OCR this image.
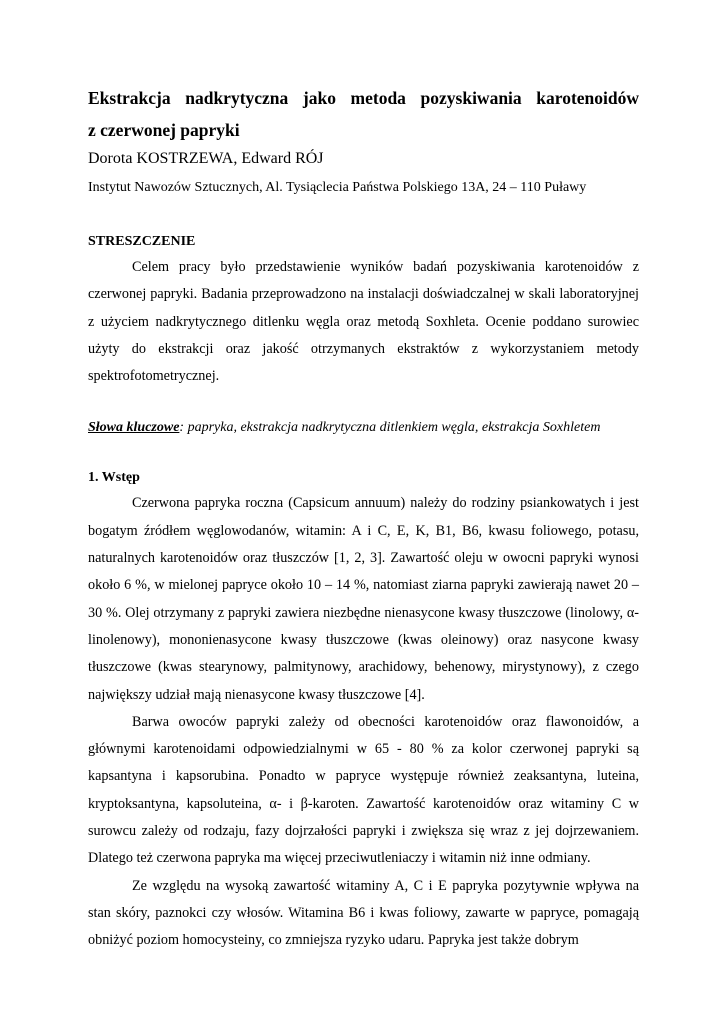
Ekstrakcja nadkrytyczna jako metoda pozyskiwania karotenoidów
z czerwonej papryki

Dorota KOSTRZEWA, Edward RÓJ

Instytut Nawozów Sztucznych, Al. Tysiąclecia Państwa Polskiego 13A, 24 – 110 Puławy

STRESZCZENIE

Celem pracy było przedstawienie wyników badań pozyskiwania karotenoidów z czerwonej papryki. Badania przeprowadzono na instalacji doświadczalnej w skali laboratoryjnej z użyciem nadkrytycznego ditlenku węgla oraz metodą Soxhleta. Ocenie poddano surowiec użyty do ekstrakcji oraz jakość otrzymanych ekstraktów z wykorzystaniem metody spektrofotometrycznej.

Słowa kluczowe: papryka, ekstrakcja nadkrytyczna ditlenkiem węgla, ekstrakcja Soxhletem

1. Wstęp

Czerwona papryka roczna (Capsicum annuum) należy do rodziny psiankowatych i jest bogatym źródłem węglowodanów, witamin: A i C, E, K, B1, B6, kwasu foliowego, potasu, naturalnych karotenoidów oraz tłuszczów [1, 2, 3]. Zawartość oleju w owocni papryki wynosi około 6 %, w mielonej papryce około 10 – 14 %, natomiast ziarna papryki zawierają nawet 20 – 30 %. Olej otrzymany z papryki zawiera niezbędne nienasycone kwasy tłuszczowe (linolowy, α-linolenowy), mononienasycone kwasy tłuszczowe (kwas oleinowy) oraz nasycone kwasy tłuszczowe (kwas stearynowy, palmitynowy, arachidowy, behenowy, mirystynowy), z czego największy udział mają nienasycone kwasy tłuszczowe [4].

Barwa owoców papryki zależy od obecności karotenoidów oraz flawonoidów, a głównymi karotenoidami odpowiedzialnymi w 65 - 80 % za kolor czerwonej papryki są kapsantyna i kapsorubina. Ponadto w papryce występuje również zeaksantyna, luteina, kryptoksantyna, kapsoluteina, α- i β-karoten. Zawartość karotenoidów oraz witaminy C w surowcu zależy od rodzaju, fazy dojrzałości papryki i zwiększa się wraz z jej dojrzewaniem. Dlatego też czerwona papryka ma więcej przeciwutleniaczy i witamin niż inne odmiany.

Ze względu na wysoką zawartość witaminy A, C i E papryka pozytywnie wpływa na stan skóry, paznokci czy włosów. Witamina B6 i kwas foliowy, zawarte w papryce, pomagają obniżyć poziom homocysteiny, co zmniejsza ryzyko udaru. Papryka jest także dobrym
